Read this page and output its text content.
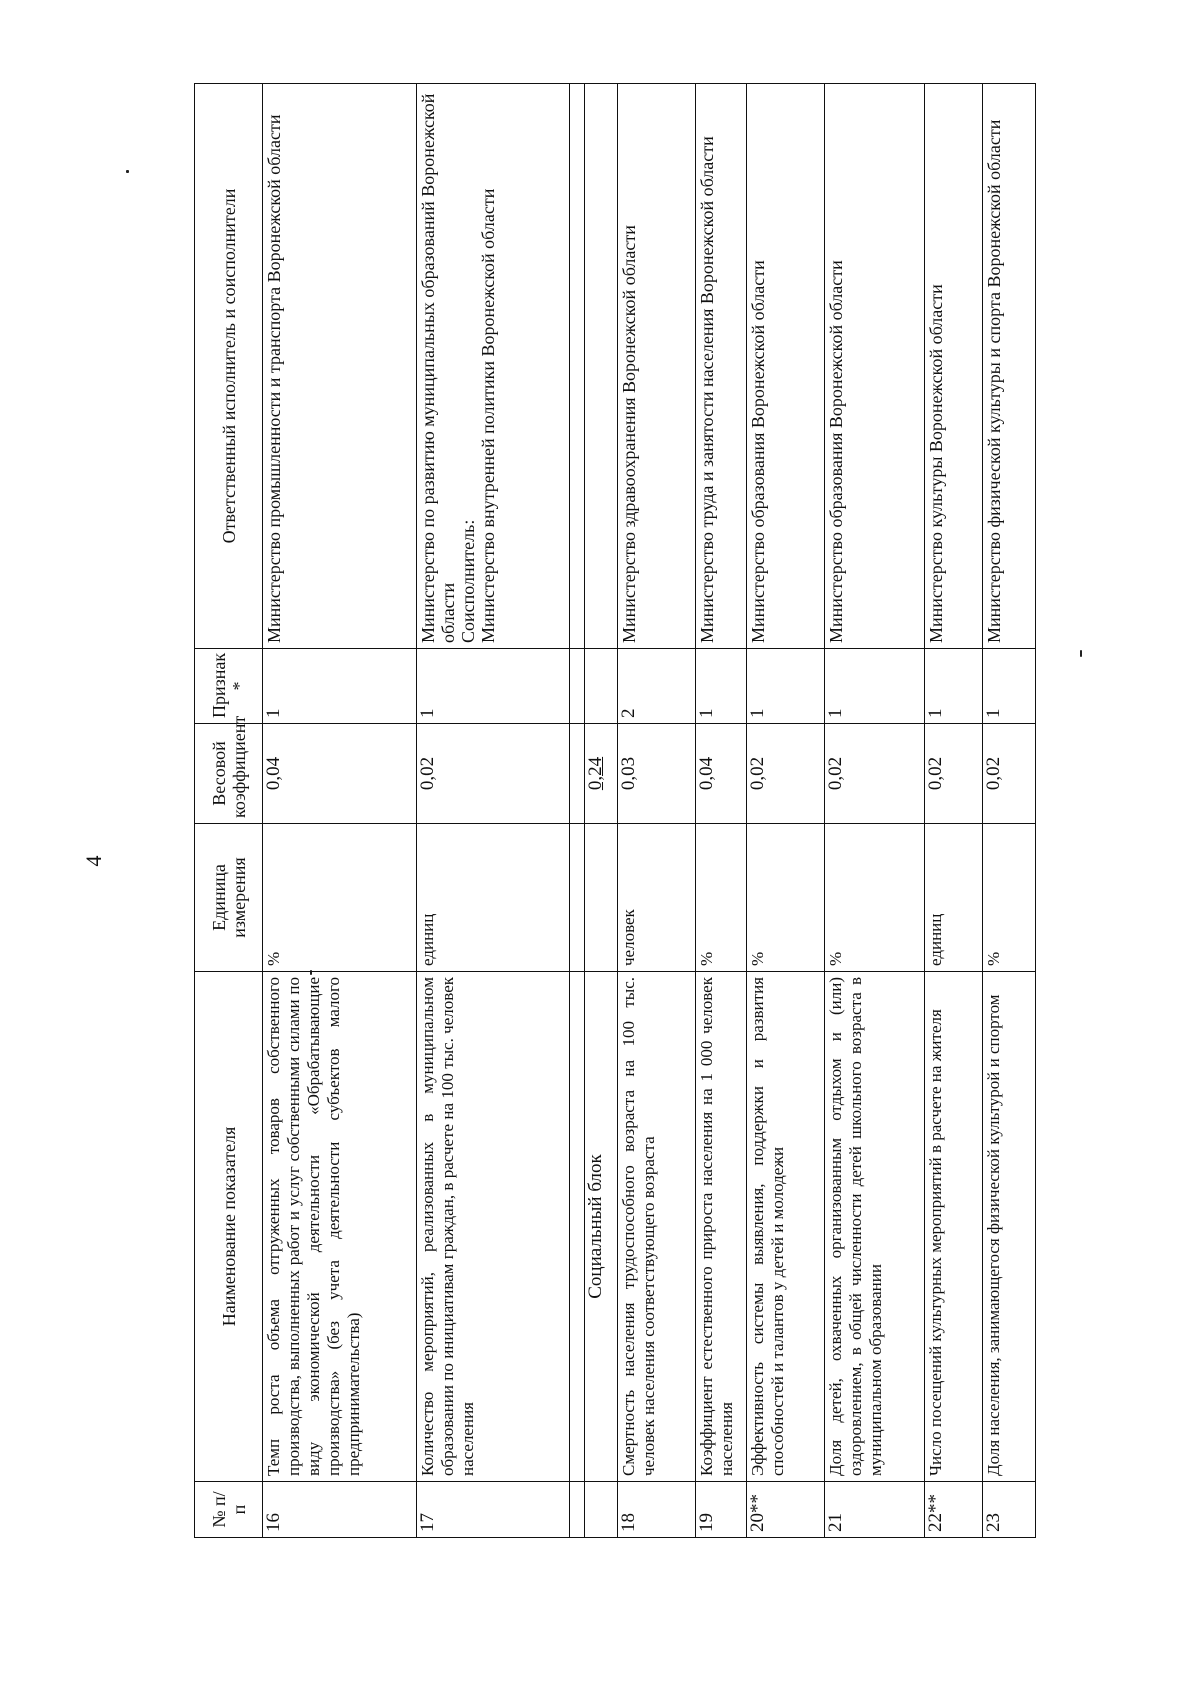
4
№ п/п	Наименование показателя	Единица измерения	Весовой коэффициент	Признак *	Ответственный исполнитель и соисполнители
16	Темп роста объема отгруженных товаров собственного производства, выполненных работ и услуг собственными силами по виду экономической деятельности «Обрабатывающие производства» (без учета деятельности субъектов малого предпринимательства)	%	0,04	1	Министерство промышленности и транспорта Воронежской области

17	Количество мероприятий, реализованных в муниципальном образовании по инициативам граждан, в расчете на 100 тыс. человек населения	единиц	0,02	1	Министерство по развитию муниципальных образований Воронежской области Соисполнитель: Министерство внутренней политики Воронежской области

	Социальный блок		0,24		
18	Смертность населения трудоспособного возраста на 100 тыс. человек населения соответствующего возраста	человек	0,03	2	Министерство здравоохранения Воронежской области

19	Коэффициент естественного прироста населения на 1 000 человек населения	%	0,04	1	Министерство труда и занятости населения Воронежской области

20**	Эффективность системы выявления, поддержки и развития способностей и талантов у детей и молодежи	%	0,02	1	Министерство образования Воронежской области

21	Доля детей, охваченных организованным отдыхом и (или) оздоровлением, в общей численности детей школьного возраста в муниципальном образовании	%	0,02	1	Министерство образования Воронежской области

22**	Число посещений культурных мероприятий в расчете на жителя	единиц	0,02	1	Министерство культуры Воронежской области

23	Доля населения, занимающегося физической культурой и спортом	%	0,02	1	Министерство физической культуры и спорта Воронежской области
